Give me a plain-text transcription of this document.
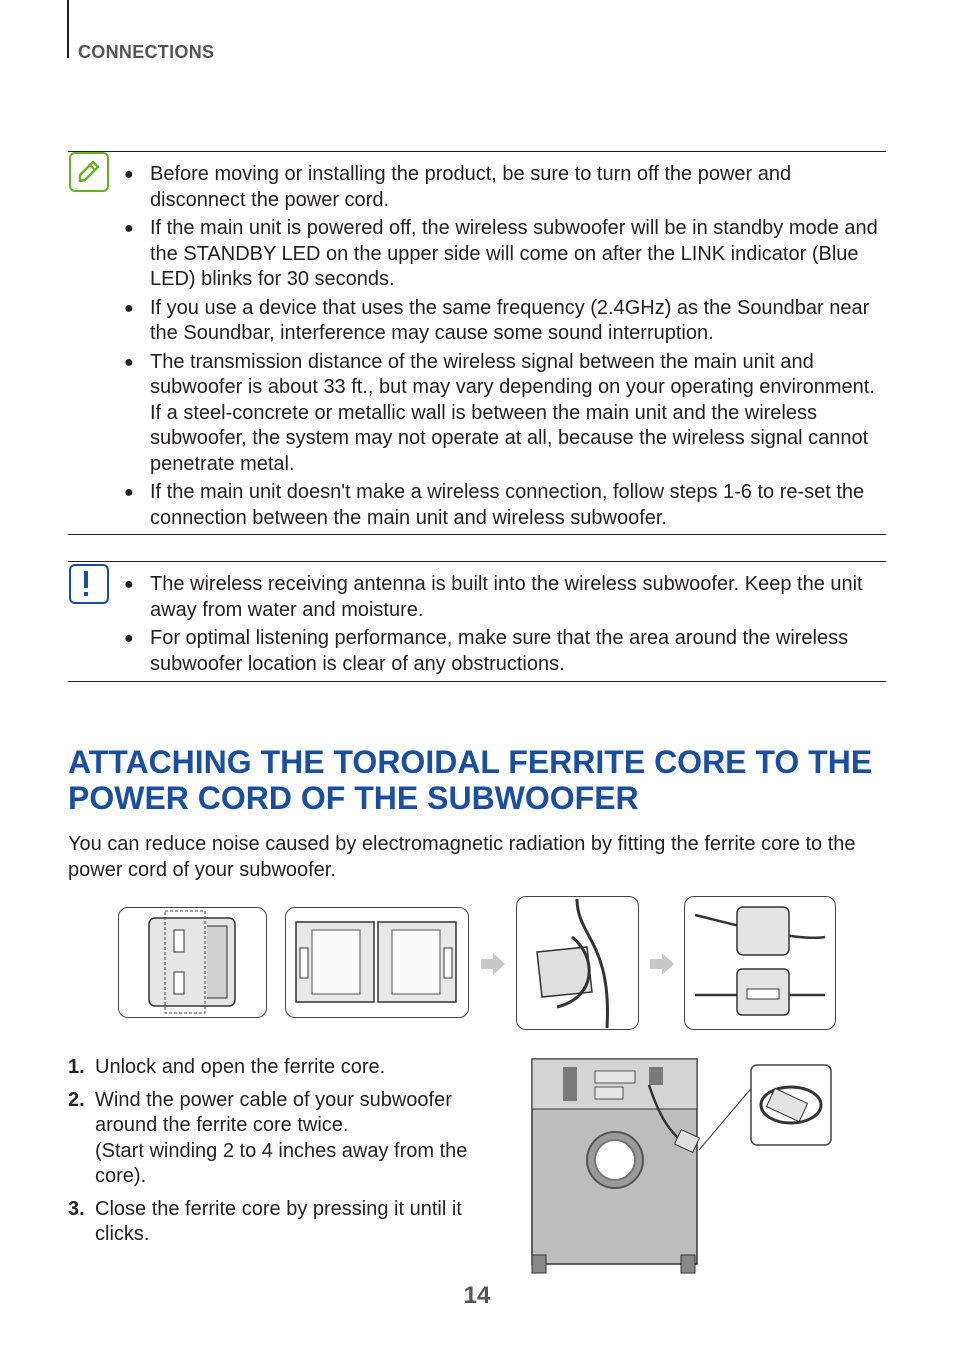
CONNECTIONS
● Before moving or installing the product, be sure to turn off the power and disconnect the power cord.
● If the main unit is powered off, the wireless subwoofer will be in standby mode and the STANDBY LED on the upper side will come on after the LINK indicator (Blue LED) blinks for 30 seconds.
● If you use a device that uses the same frequency (2.4GHz) as the Soundbar near the Soundbar, interference may cause some sound interruption.
● The transmission distance of the wireless signal between the main unit and subwoofer is about 33 ft., but may vary depending on your operating environment. If a steel-concrete or metallic wall is between the main unit and the wireless subwoofer, the system may not operate at all, because the wireless signal cannot penetrate metal.
● If the main unit doesn't make a wireless connection, follow steps 1-6 to re-set the connection between the main unit and wireless subwoofer.
● The wireless receiving antenna is built into the wireless subwoofer. Keep the unit away from water and moisture.
● For optimal listening performance, make sure that the area around the wireless subwoofer location is clear of any obstructions.
ATTACHING THE TOROIDAL FERRITE CORE TO THE POWER CORD OF THE SUBWOOFER

You can reduce noise caused by electromagnetic radiation by fitting the ferrite core to the power cord of your subwoofer.

1. Unlock and open the ferrite core.
2. Wind the power cable of your subwoofer around the ferrite core twice.
(Start winding 2 to 4 inches away from the core).
3. Close the ferrite core by pressing it until it clicks.
14
